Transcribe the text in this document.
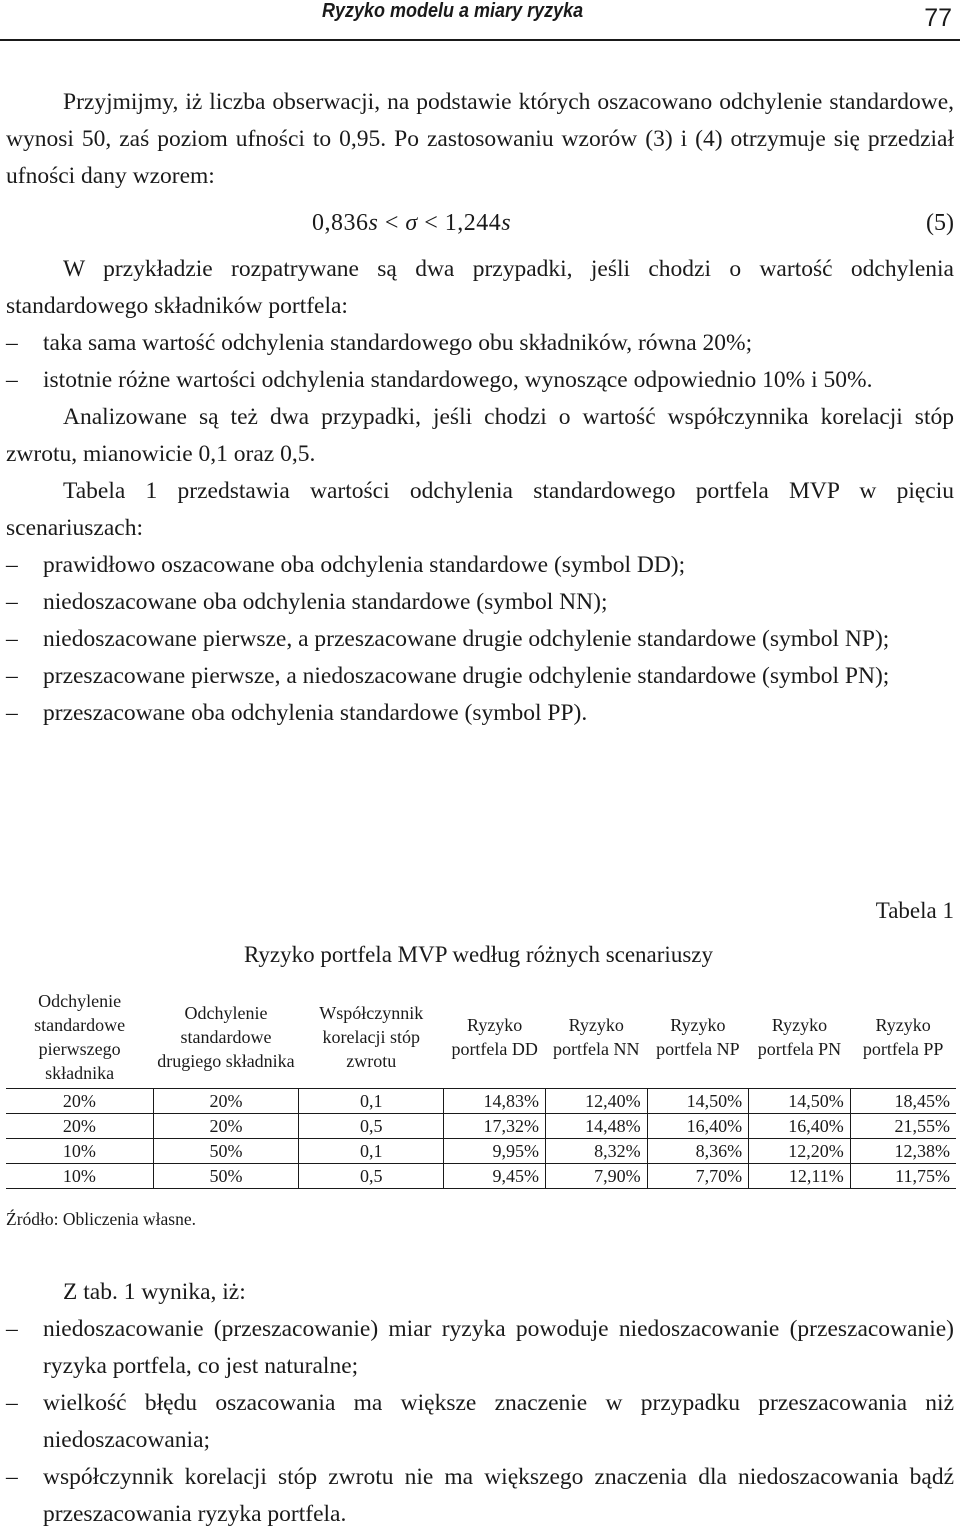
Ryzyko modelu a miary ryzyka	77

Przyjmijmy, iż liczba obserwacji, na podstawie których oszacowano odchylenie standardowe, wynosi 50, zaś poziom ufności to 0,95. Po zastosowaniu wzorów (3) i (4) otrzymuje się przedział ufności dany wzorem:

0,836s < σ < 1,244s	(5)

W przykładzie rozpatrywane są dwa przypadki, jeśli chodzi o wartość odchylenia standardowego składników portfela:

– taka sama wartość odchylenia standardowego obu składników, równa 20%;
– istotnie różne wartości odchylenia standardowego, wynoszące odpowiednio 10% i 50%.

Analizowane są też dwa przypadki, jeśli chodzi o wartość współczynnika korelacji stóp zwrotu, mianowicie 0,1 oraz 0,5.

Tabela 1 przedstawia wartości odchylenia standardowego portfela MVP w pięciu scenariuszach:

– prawidłowo oszacowane oba odchylenia standardowe (symbol DD);
– niedoszacowane oba odchylenia standardowe (symbol NN);
– niedoszacowane pierwsze, a przeszacowane drugie odchylenie standardowe (symbol NP);
– przeszacowane pierwsze, a niedoszacowane drugie odchylenie standardowe (symbol PN);
– przeszacowane oba odchylenia standardowe (symbol PP).
Tabela 1
Ryzyko portfela MVP według różnych scenariuszy
Odchylenie standardowe pierwszego składnika	Odchylenie standardowe drugiego składnika	Współczynnik korelacji stóp zwrotu	Ryzyko portfela DD	Ryzyko portfela NN	Ryzyko portfela NP	Ryzyko portfela PN	Ryzyko portfela PP
20%	20%	0,1	14,83%	12,40%	14,50%	14,50%	18,45%
20%	20%	0,5	17,32%	14,48%	16,40%	16,40%	21,55%
10%	50%	0,1	9,95%	8,32%	8,36%	12,20%	12,38%
10%	50%	0,5	9,45%	7,90%	7,70%	12,11%	11,75%
Źródło: Obliczenia własne.

Z tab. 1 wynika, iż:

– niedoszacowanie (przeszacowanie) miar ryzyka powoduje niedoszacowanie (przeszacowanie) ryzyka portfela, co jest naturalne;
– wielkość błędu oszacowania ma większe znaczenie w przypadku przeszacowania niż niedoszacowania;
– współczynnik korelacji stóp zwrotu nie ma większego znaczenia dla niedoszacowania bądź przeszacowania ryzyka portfela.
